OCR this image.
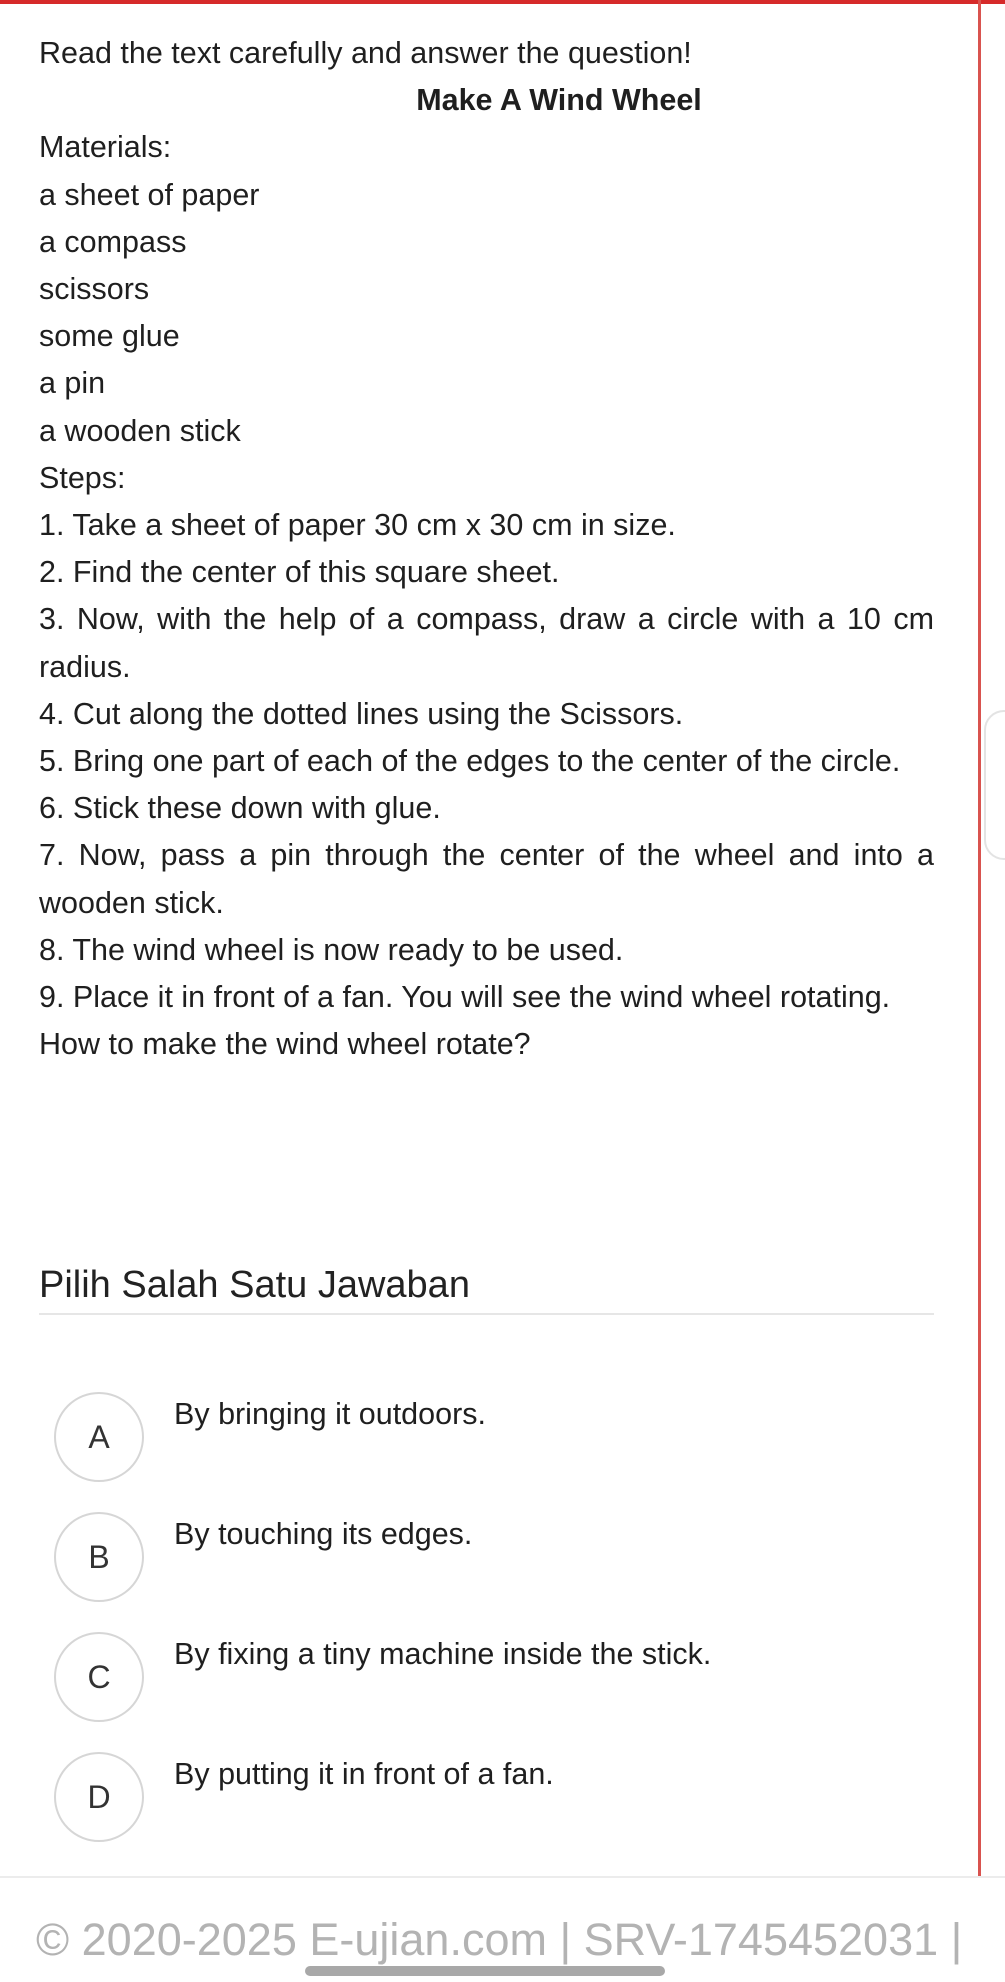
Read the text carefully and answer the question!

Make A Wind Wheel

Materials:

a sheet of paper

a compass

scissors

some glue

a pin

a wooden stick

Steps:

1. Take a sheet of paper 30 cm x 30 cm in size.

2. Find the center of this square sheet.

3. Now, with the help of a compass, draw a circle with a 10 cm radius.

4. Cut along the dotted lines using the Scissors.

5. Bring one part of each of the edges to the center of the circle.

6. Stick these down with glue.

7. Now, pass a pin through the center of the wheel and into a wooden stick.

8. The wind wheel is now ready to be used.

9. Place it in front of a fan. You will see the wind wheel rotating.

How to make the wind wheel rotate?

Pilih Salah Satu Jawaban
A
By bringing it outdoors.
B
By touching its edges.
C
By fixing a tiny machine inside the stick.
D
By putting it in front of a fan.
© 2020-2025 E-ujian.com | SRV-1745452031 |
